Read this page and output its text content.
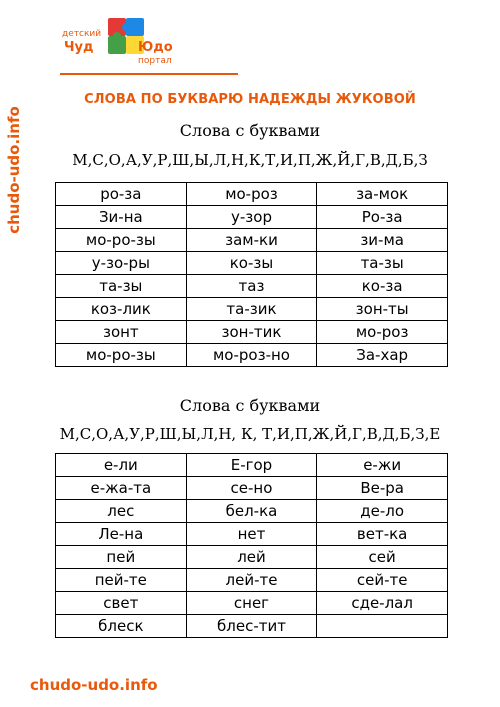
chudo-udo.info
детский
Чуд	Юдо
портал
СЛОВА ПО БУКВАРЮ НАДЕЖДЫ ЖУКОВОЙ
Слова с буквами
М,С,О,А,У,Р,Ш,Ы,Л,Н,К,Т,И,П,Ж,Й,Г,В,Д,Б,З
ро-за	мо-роз	за-мок
Зи-на	у-зор	Ро-за
мо-ро-зы	зам-ки	зи-ма
у-зо-ры	ко-зы	та-зы
та-зы	таз	ко-за
коз-лик	та-зик	зон-ты
зонт	зон-тик	мо-роз
мо-ро-зы	мо-роз-но	За-хар
Слова с буквами
М,С,О,А,У,Р,Ш,Ы,Л,Н, К, Т,И,П,Ж,Й,Г,В,Д,Б,З,Е
е-ли	Е-гор	е-жи
е-жа-та	се-но	Ве-ра
лес	бел-ка	де-ло
Ле-на	нет	вет-ка
пей	лей	сей
пей-те	лей-те	сей-те
свет	снег	сде-лал
блеск	блес-тит	
chudo-udo.info
